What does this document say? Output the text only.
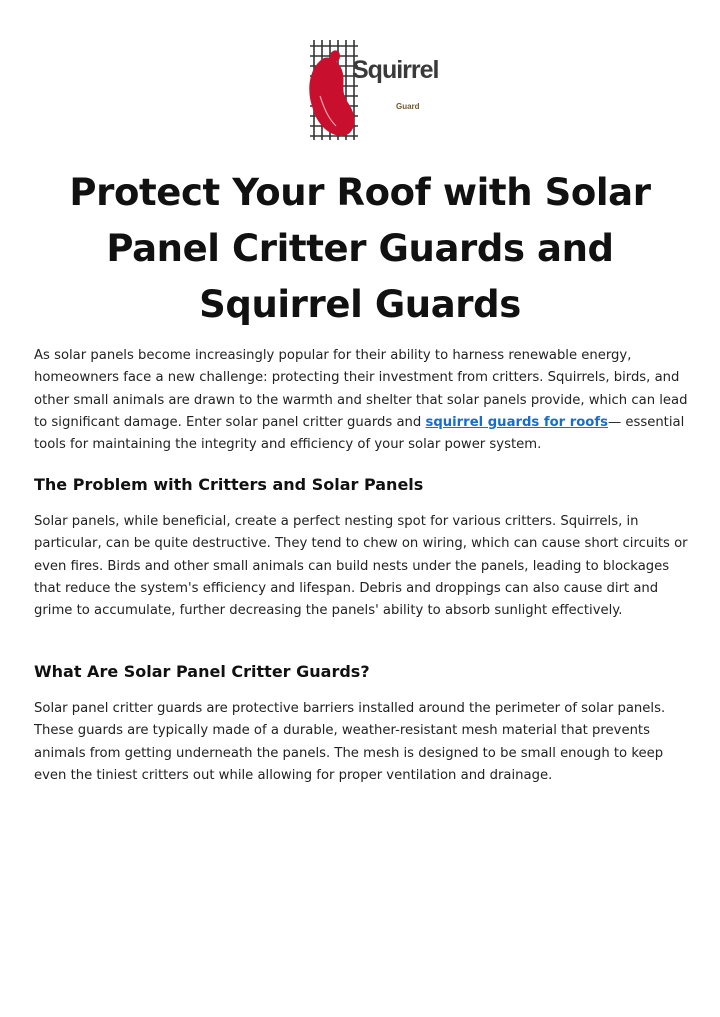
Squirrel
Guard
Protect Your Roof with Solar Panel Critter Guards and Squirrel Guards

As solar panels become increasingly popular for their ability to harness renewable energy, homeowners face a new challenge: protecting their investment from critters. Squirrels, birds, and other small animals are drawn to the warmth and shelter that solar panels provide, which can lead to significant damage. Enter solar panel critter guards and squirrel guards for roofs— essential tools for maintaining the integrity and efficiency of your solar power system.

The Problem with Critters and Solar Panels

Solar panels, while beneficial, create a perfect nesting spot for various critters. Squirrels, in particular, can be quite destructive. They tend to chew on wiring, which can cause short circuits or even fires. Birds and other small animals can build nests under the panels, leading to blockages that reduce the system's efficiency and lifespan. Debris and droppings can also cause dirt and grime to accumulate, further decreasing the panels' ability to absorb sunlight effectively.

What Are Solar Panel Critter Guards?

Solar panel critter guards are protective barriers installed around the perimeter of solar panels. These guards are typically made of a durable, weather-resistant mesh material that prevents animals from getting underneath the panels. The mesh is designed to be small enough to keep even the tiniest critters out while allowing for proper ventilation and drainage.
